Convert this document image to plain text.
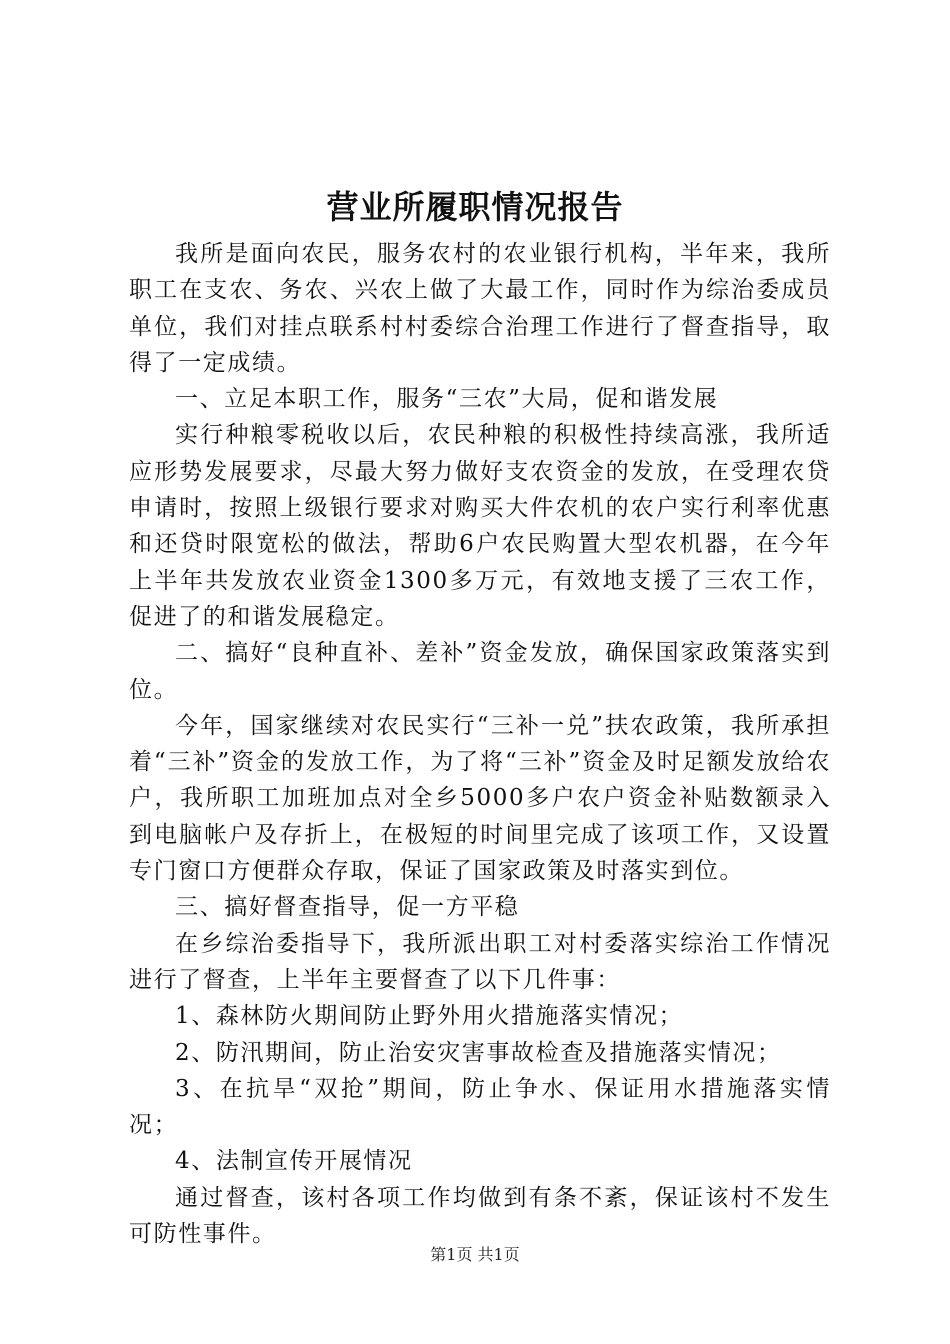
营业所履职情况报告

我所是面向农民，服务农村的农业银行机构，半年来，我所职工在支农、务农、兴农上做了大最工作，同时作为综治委成员单位，我们对挂点联系村村委综合治理工作进行了督查指导，取得了一定成绩。

一、立足本职工作，服务“三农”大局，促和谐发展

实行种粮零税收以后，农民种粮的积极性持续高涨，我所适应形势发展要求，尽最大努力做好支农资金的发放，在受理农贷申请时，按照上级银行要求对购买大件农机的农户实行利率优惠和还贷时限宽松的做法，帮助6户农民购置大型农机器，在今年上半年共发放农业资金1300多万元，有效地支援了三农工作，促进了的和谐发展稳定。

二、搞好“良种直补、差补”资金发放，确保国家政策落实到位。

今年，国家继续对农民实行“三补一兑”扶农政策，我所承担着“三补”资金的发放工作，为了将“三补”资金及时足额发放给农户，我所职工加班加点对全乡5000多户农户资金补贴数额录入到电脑帐户及存折上，在极短的时间里完成了该项工作，又设置专门窗口方便群众存取，保证了国家政策及时落实到位。

三、搞好督查指导，促一方平稳

在乡综治委指导下，我所派出职工对村委落实综治工作情况进行了督查，上半年主要督查了以下几件事：

1、森林防火期间防止野外用火措施落实情况；

2、防汛期间，防止治安灾害事故检查及措施落实情况；

3、在抗旱“双抢”期间，防止争水、保证用水措施落实情况；

4、法制宣传开展情况

通过督查，该村各项工作均做到有条不紊，保证该村不发生可防性事件。

第1页 共1页
